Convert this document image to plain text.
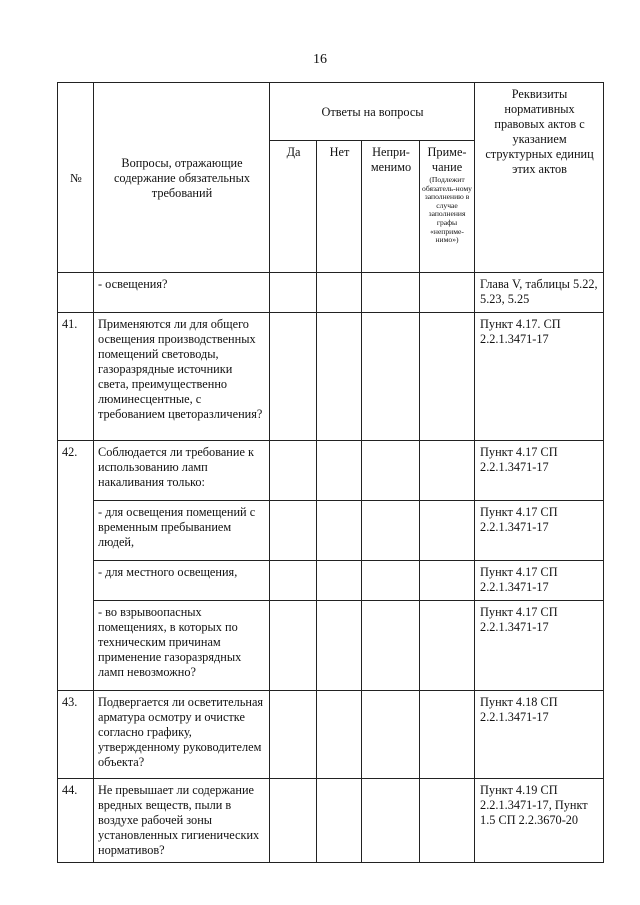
16
№	Вопросы, отражающие содержание обязательных требований	Ответы на вопросы				Реквизиты нормативных правовых актов с указанием структурных единиц этих актов
		Да	Нет	Непри-менимо	Приме-чание
(Подлежит обязатель-ному заполнению в случае заполнения графы «неприме-нимо»)	

	- освещения?					Глава V, таблицы 5.22, 5.23, 5.25
41.	Применяются ли для общего освещения производственных помещений световоды, газоразрядные источники света, преимущественно люминесцентные, с требованием цветоразличения?					Пункт 4.17. СП 2.2.1.3471-17
42.	Соблюдается ли требование к использованию ламп накаливания только:					Пункт 4.17 СП 2.2.1.3471-17
	- для освещения помещений с временным пребыванием людей,					Пункт 4.17 СП 2.2.1.3471-17
	- для местного освещения,					Пункт 4.17 СП 2.2.1.3471-17
	- во взрывоопасных помещениях, в которых по техническим причинам применение газоразрядных ламп невозможно?					Пункт 4.17 СП 2.2.1.3471-17
43.	Подвергается ли осветительная арматура осмотру и очистке согласно графику, утвержденному руководителем объекта?					Пункт 4.18 СП 2.2.1.3471-17
44.	Не превышает ли содержание вредных веществ, пыли в воздухе рабочей зоны установленных гигиенических нормативов?					Пункт 4.19 СП 2.2.1.3471-17, Пункт 1.5 СП 2.2.3670-20
